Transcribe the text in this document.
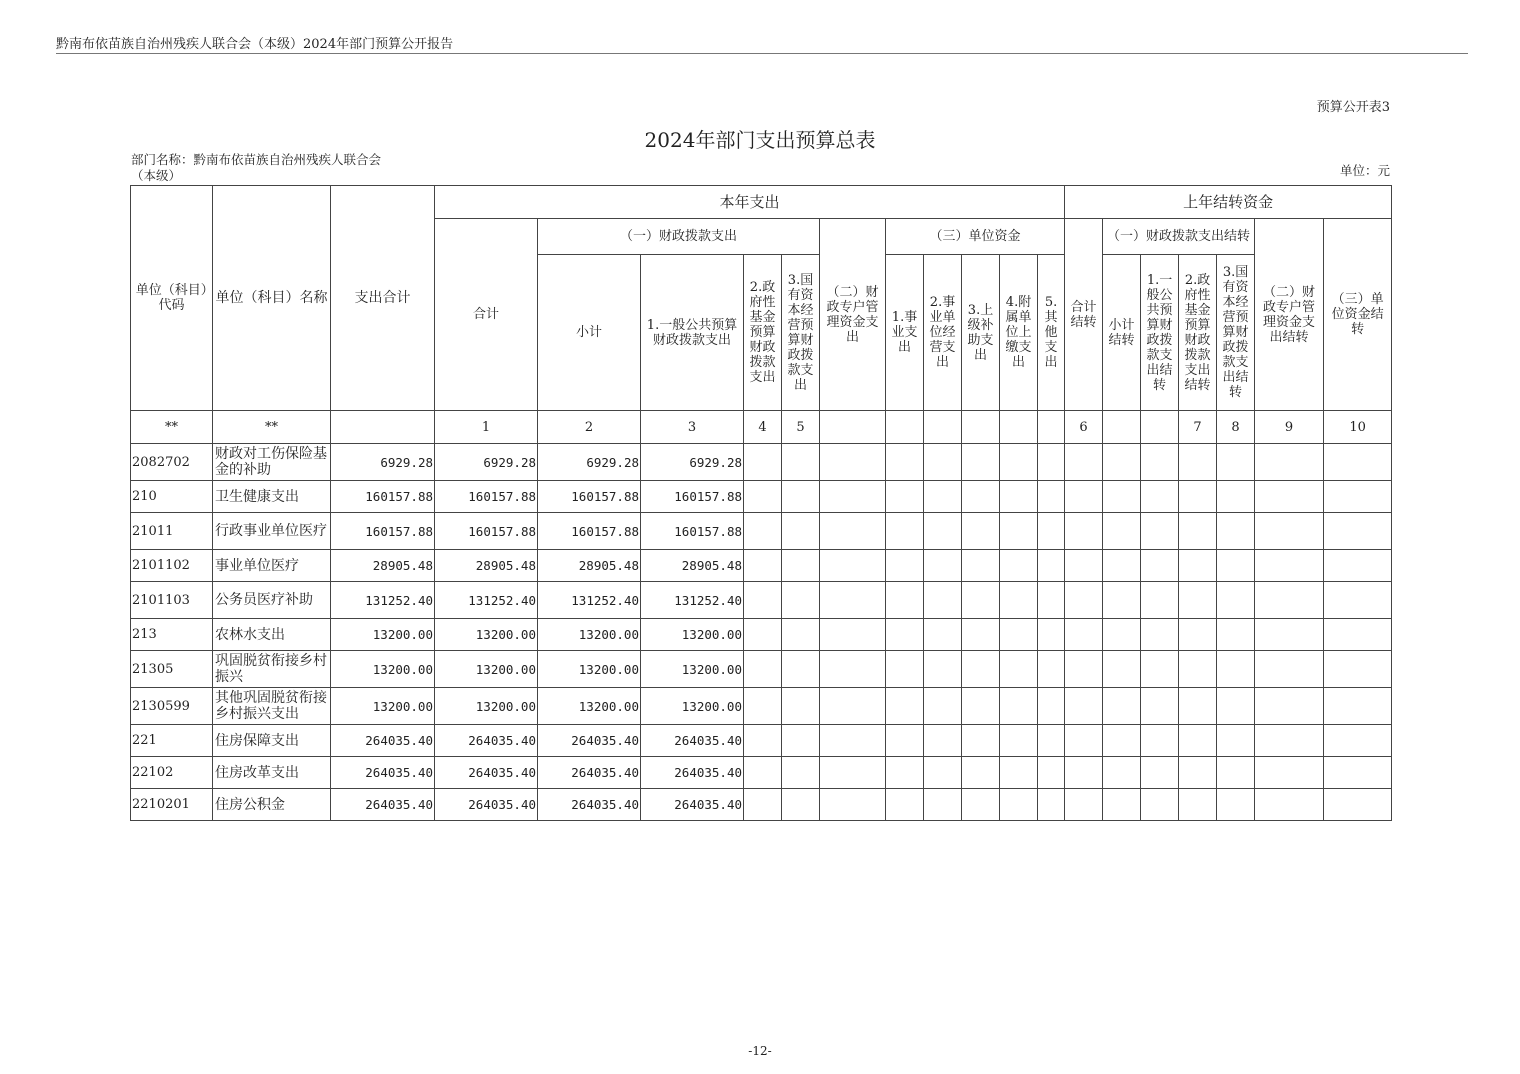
黔南布依苗族自治州残疾人联合会（本级）2024年部门预算公开报告
预算公开表3
2024年部门支出预算总表
部门名称：黔南布依苗族自治州残疾人联合会
（本级）	单位：元
单位（科目）代码	单位（科目）名称	支出合计	本年支出											上年结转资金						
			合计	（一）财政拨款支出				（二）财政专户管理资金支出	（三）单位资金					合计结转	（一）财政拨款支出结转				（二）财政专户管理资金支出结转	（三）单位资金结转
				小计	1.一般公共预算财政拨款支出	2.政府性基金预算财政拨款支出	3.国有资本经营预算财政拨款支出		1.事业支出	2.事业单位经营支出	3.上级补助支出	4.附属单位上缴支出	5.其他支出		小计结转	1.一般公共预算财政拨款支出结转	2.政府性基金预算财政拨款支出结转	3.国有资本经营预算财政拨款支出结转		
**	**		1	2	3	4	5							6			7	8	9	10
2082702	财政对工伤保险基金的补助	6929.28	6929.28	6929.28	6929.28															
210	卫生健康支出	160157.88	160157.88	160157.88	160157.88															
21011	行政事业单位医疗	160157.88	160157.88	160157.88	160157.88															
2101102	事业单位医疗	28905.48	28905.48	28905.48	28905.48															
2101103	公务员医疗补助	131252.40	131252.40	131252.40	131252.40															
213	农林水支出	13200.00	13200.00	13200.00	13200.00															
21305	巩固脱贫衔接乡村振兴	13200.00	13200.00	13200.00	13200.00															
2130599	其他巩固脱贫衔接乡村振兴支出	13200.00	13200.00	13200.00	13200.00															
221	住房保障支出	264035.40	264035.40	264035.40	264035.40															
22102	住房改革支出	264035.40	264035.40	264035.40	264035.40															
2210201	住房公积金	264035.40	264035.40	264035.40	264035.40															
-12-
